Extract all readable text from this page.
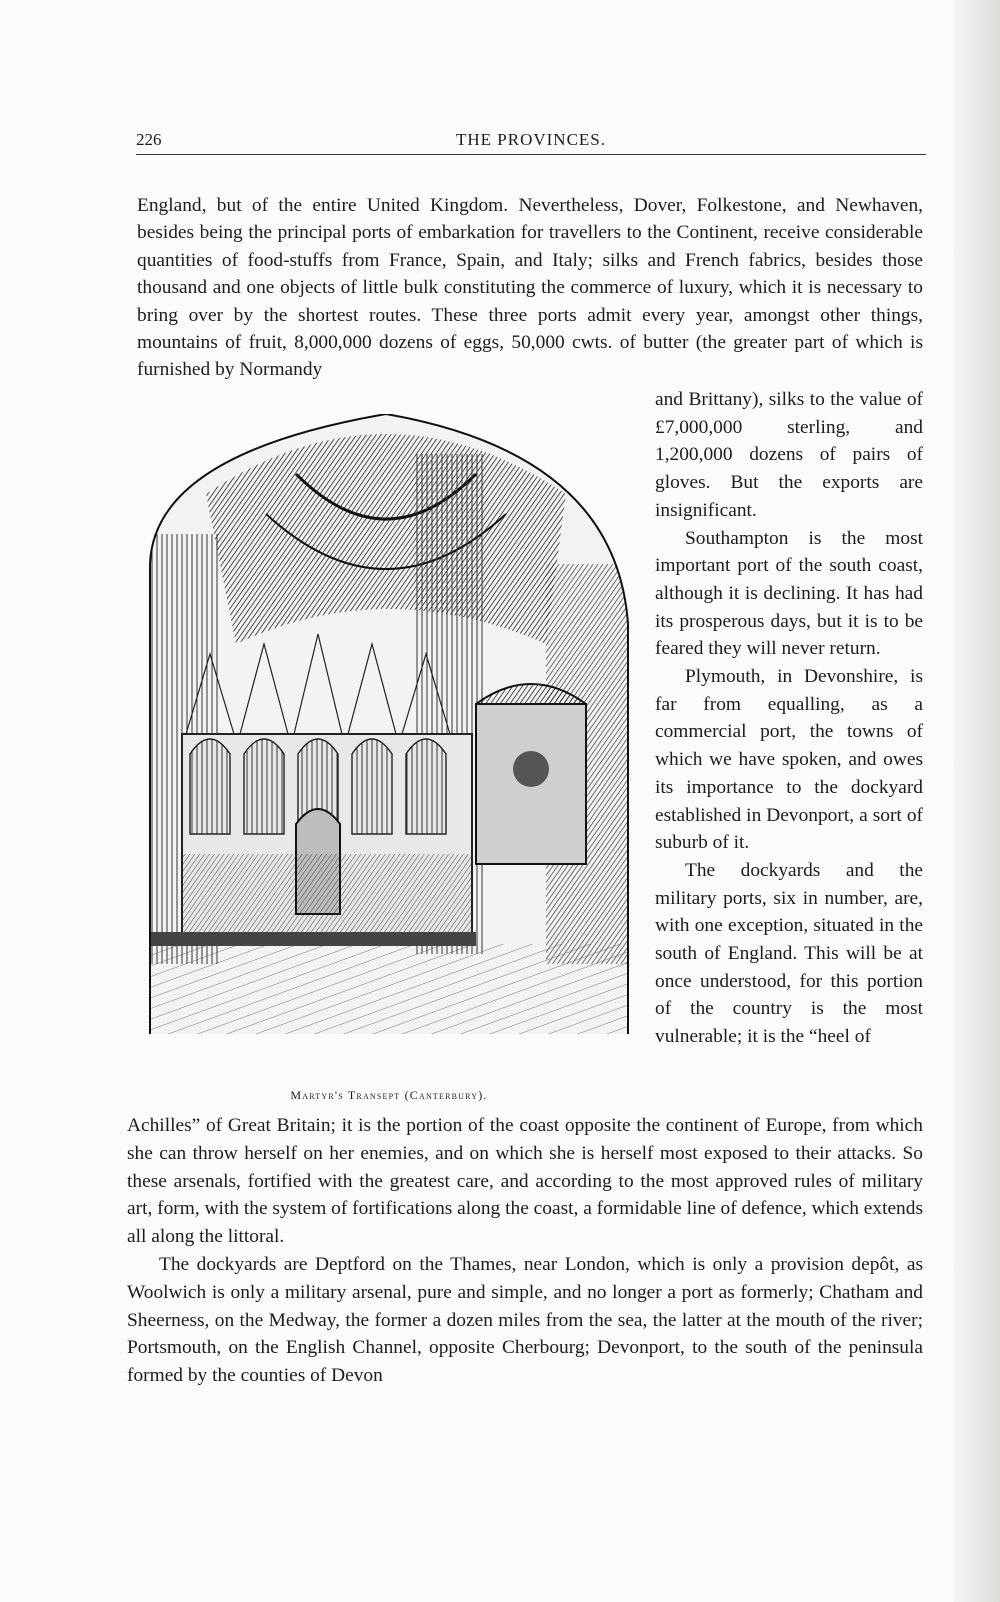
226	THE PROVINCES.

England, but of the entire United Kingdom. Nevertheless, Dover, Folkestone, and Newhaven, besides being the principal ports of embarkation for travellers to the Continent, receive considerable quantities of food-stuffs from France, Spain, and Italy; silks and French fabrics, besides those thousand and one objects of little bulk constituting the commerce of luxury, which it is necessary to bring over by the shortest routes. These three ports admit every year, amongst other things, mountains of fruit, 8,000,000 dozens of eggs, 50,000 cwts. of butter (the greater part of which is furnished by Normandy

and Brittany), silks to the value of £7,000,000 sterling, and 1,200,000 dozens of pairs of gloves. But the exports are insignificant.

Southampton is the most important port of the south coast, although it is declining. It has had its prosperous days, but it is to be feared they will never return.

Plymouth, in Devonshire, is far from equalling, as a commercial port, the towns of which we have spoken, and owes its importance to the dockyard established in Devonport, a sort of suburb of it.

The dockyards and the military ports, six in number, are, with one exception, situated in the south of England. This will be at once understood, for this portion of the country is the most vulnerable; it is the “heel of

Martyr's Transept (Canterbury).

Achilles” of Great Britain; it is the portion of the coast opposite the continent of Europe, from which she can throw herself on her enemies, and on which she is herself most exposed to their attacks. So these arsenals, fortified with the greatest care, and according to the most approved rules of military art, form, with the system of fortifications along the coast, a formidable line of defence, which extends all along the littoral.

The dockyards are Deptford on the Thames, near London, which is only a provision depôt, as Woolwich is only a military arsenal, pure and simple, and no longer a port as formerly; Chatham and Sheerness, on the Medway, the former a dozen miles from the sea, the latter at the mouth of the river; Portsmouth, on the English Channel, opposite Cherbourg; Devonport, to the south of the peninsula formed by the counties of Devon
